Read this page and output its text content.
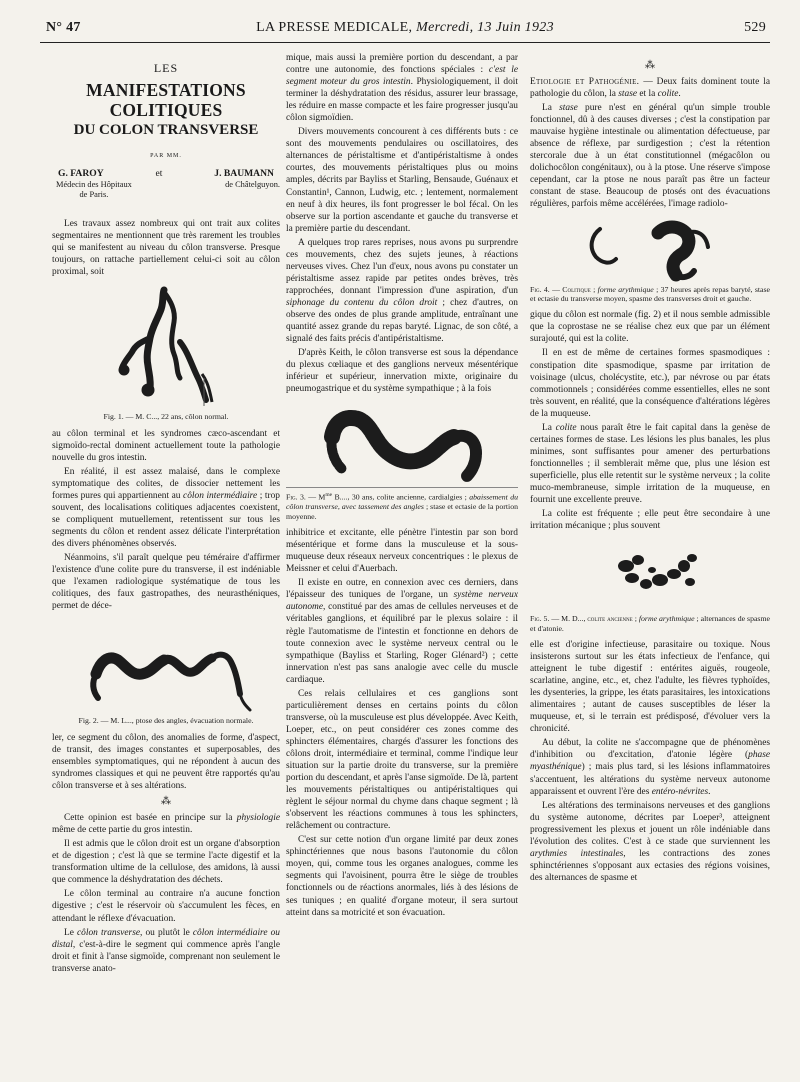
N° 47	LA PRESSE MEDICALE, Mercredi, 13 Juin 1923	529
LES
MANIFESTATIONS COLITIQUES
DU COLON TRANSVERSE
PAR MM.
G. FAROY	et	J. BAUMANN
Médecin des Hôpitaux
de Paris.
de Châtelguyon.

Les travaux assez nombreux qui ont trait aux colites segmentaires ne mentionnent que très rarement les troubles qui se manifestent au niveau du côlon transverse. Presque toujours, on rattache partiellement celui-ci soit au côlon proximal, soit

Fig. 1. — M. C..., 22 ans, côlon normal.

au côlon terminal et les syndromes cæco-ascendant et sigmoïdo-rectal dominent actuellement toute la pathologie nouvelle du gros intestin.

En réalité, il est assez malaisé, dans le complexe symptomatique des colites, de dissocier nettement les formes pures qui appartiennent au côlon intermédiaire ; trop souvent, des localisations colitiques adjacentes coexistent, se compliquent mutuellement, retentissent sur tous les segments du côlon et rendent assez délicate l'interprétation des divers phénomènes observés.

Néanmoins, s'il paraît quelque peu téméraire d'affirmer l'existence d'une colite pure du transverse, il est indéniable que l'examen radiologique systématique de tous les colitiques, des faux gastropathes, des neurasthéniques, permet de déce-

Fig. 2. — M. L..., ptose des angles, évacuation normale.

ler, ce segment du côlon, des anomalies de forme, d'aspect, de transit, des images constantes et superposables, des ensembles symptomatiques, qui ne répondent à aucun des syndromes classiques et qui ne peuvent être rapportés qu'au côlon transverse et à ses altérations.

⁂

Cette opinion est basée en principe sur la physiologie même de cette partie du gros intestin.

Il est admis que le côlon droit est un organe d'absorption et de digestion ; c'est là que se termine l'acte digestif et la transformation ultime de la cellulose, des amidons, là aussi que commence la déshydratation des déchets.

Le côlon terminal au contraire n'a aucune fonction digestive ; c'est le réservoir où s'accumulent les fèces, en attendant le réflexe d'évacuation.

Le côlon transverse, ou plutôt le côlon intermédiaire ou distal, c'est-à-dire le segment qui commence après l'angle droit et finit à l'anse sigmoïde, comprenant non seulement le transverse anato-

mique, mais aussi la première portion du descendant, a par contre une autonomie, des fonctions spéciales : c'est le segment moteur du gros intestin. Physiologiquement, il doit terminer la déshydratation des résidus, assurer leur brassage, les réduire en masse compacte et les faire progresser jusqu'au côlon sigmoïdien.

Divers mouvements concourent à ces différents buts : ce sont des mouvements pendulaires ou oscillatoires, des alternances de péristaltisme et d'antipéristaltisme à ondes courtes, des mouvements péristaltiques plus ou moins amples, décrits par Bayliss et Starling, Bensaude, Guénaux et Constantin¹, Cannon, Ludwig, etc. ; lentement, normalement en neuf à dix heures, ils font progresser le bol fécal. On les observe sur la portion ascendante et gauche du transverse et la première partie du descendant.

A quelques trop rares reprises, nous avons pu surprendre ces mouvements, chez des sujets jeunes, à réactions nerveuses vives. Chez l'un d'eux, nous avons pu constater un péristaltisme assez rapide par petites ondes brèves, très rapprochées, donnant l'impression d'une aspiration, d'un siphonage du contenu du côlon droit ; chez d'autres, on observe des ondes de plus grande amplitude, entraînant une quantité assez grande du repas baryté. Lignac, de son côté, a signalé des faits précis d'antipéristaltisme.

D'après Keith, le côlon transverse est sous la dépendance du plexus cœliaque et des ganglions nerveux mésentérique inférieur et supérieur, innervation mixte, originaire du pneumogastrique et du système sympathique ; à la fois

Fig. 3. — $M^{me}$ B...., 30 ans, colite ancienne, cardialgies ; abaissement du côlon transverse, avec tassement des angles ; stase et ectasie de la portion moyenne.

inhibitrice et excitante, elle pénètre l'intestin par son bord mésentérique et forme dans la musculeuse et la sous-muqueuse deux réseaux nerveux concentriques : le plexus de Meissner et celui d'Auerbach.

Il existe en outre, en connexion avec ces derniers, dans l'épaisseur des tuniques de l'organe, un système nerveux autonome, constitué par des amas de cellules nerveuses et de véritables ganglions, et équilibré par le plexus solaire : il règle l'automatisme de l'intestin et fonctionne en dehors de toute connexion avec le système nerveux central ou le sympathique (Bayliss et Starling, Roger Glénard²) ; cette innervation n'est pas sans analogie avec celle du muscle cardiaque.

Ces relais cellulaires et ces ganglions sont particulièrement denses en certains points du côlon transverse, où la musculeuse est plus développée. Avec Keith, Loeper, etc., on peut considérer ces zones comme des sphincters élémentaires, chargés d'assurer les fonctions des côlons droit, intermédiaire et terminal, comme l'indique leur situation sur la partie droite du transverse, sur la première portion du descendant, et après l'anse sigmoïde. De là, partent les mouvements péristaltiques ou antipéristaltiques qui règlent le séjour normal du chyme dans chaque segment ; là s'observent les réactions communes à tous les sphincters, relâchement ou contracture.

C'est sur cette notion d'un organe limité par deux zones sphinctériennes que nous basons l'autonomie du côlon moyen, qui, comme tous les organes analogues, comme les segments qui l'avoisinent, pourra être le siège de troubles fonctionnels ou de réactions anormales, liés à des lésions de ses tuniques ; en qualité d'organe moteur, il sera surtout atteint dans sa motricité et son évacuation.

⁂

Etiologie et Pathogénie. — Deux faits dominent toute la pathologie du côlon, la stase et la colite.

La stase pure n'est en général qu'un simple trouble fonctionnel, dû à des causes diverses ; c'est la constipation par mauvaise hygiène intestinale ou alimentation défectueuse, par absence de réflexe, par surdigestion ; c'est la rétention stercorale due à un état constitutionnel (mégacôlon ou dolichocôlon congénitaux), ou à la ptose. Une réserve s'impose cependant, car la ptose ne nous paraît pas être un facteur constant de stase. Beaucoup de ptosés ont des évacuations régulières, parfois même accélérées, l'image radiolo-

Fig. 4. — Colitique ; forme arythmique ; 37 heures après repas baryté, stase et ectasie du transverse moyen, spasme des transverses droit et gauche.

gique du côlon est normale (fig. 2) et il nous semble admissible que la coprostase ne se réalise chez eux que par un élément surajouté, qui est la colite.

Il en est de même de certaines formes spasmodiques : constipation dite spasmodique, spasme par irritation de voisinage (ulcus, cholécystite, etc.), par névrose ou par états commotionnels ; considérées comme essentielles, elles ne sont très souvent, en réalité, que la conséquence d'altérations légères de la muqueuse.

La colite nous paraît être le fait capital dans la genèse de certaines formes de stase. Les lésions les plus banales, les plus minimes, sont suffisantes pour amener des perturbations fonctionnelles ; il semblerait même que, plus une lésion est superficielle, plus elle retentit sur le système nerveux ; la colite muco-membraneuse, simple irritation de la muqueuse, en fournit une excellente preuve.

La colite est fréquente ; elle peut être secondaire à une irritation mécanique ; plus souvent

Fig. 5. — M. D..., colite ancienne ; forme arythmique ; alternances de spasme et d'atonie.

elle est d'origine infectieuse, parasitaire ou toxique. Nous insisterons surtout sur les états infectieux de l'enfance, qui atteignent le tube digestif : entérites aiguës, rougeole, scarlatine, angine, etc., et, chez l'adulte, les fièvres typhoïdes, les dysenteries, la grippe, les états parasitaires, les intoxications alimentaires ; autant de causes susceptibles de léser la muqueuse, et, si le terrain est prédisposé, d'évoluer vers la chronicité.

Au début, la colite ne s'accompagne que de phénomènes d'inhibition ou d'excitation, d'atonie légère (phase myasthénique) ; mais plus tard, si les lésions inflammatoires s'accentuent, les altérations du système nerveux autonome apparaissent et ouvrent l'ère des entéro-névrites.

Les altérations des terminaisons nerveuses et des ganglions du système autonome, décrites par Loeper³, atteignent progressivement les plexus et jouent un rôle indéniable dans l'évolution des colites. C'est à ce stade que surviennent les arythmies intestinales, les contractions des zones sphinctériennes s'opposant aux ectasies des régions voisines, des alternances de spasme et
